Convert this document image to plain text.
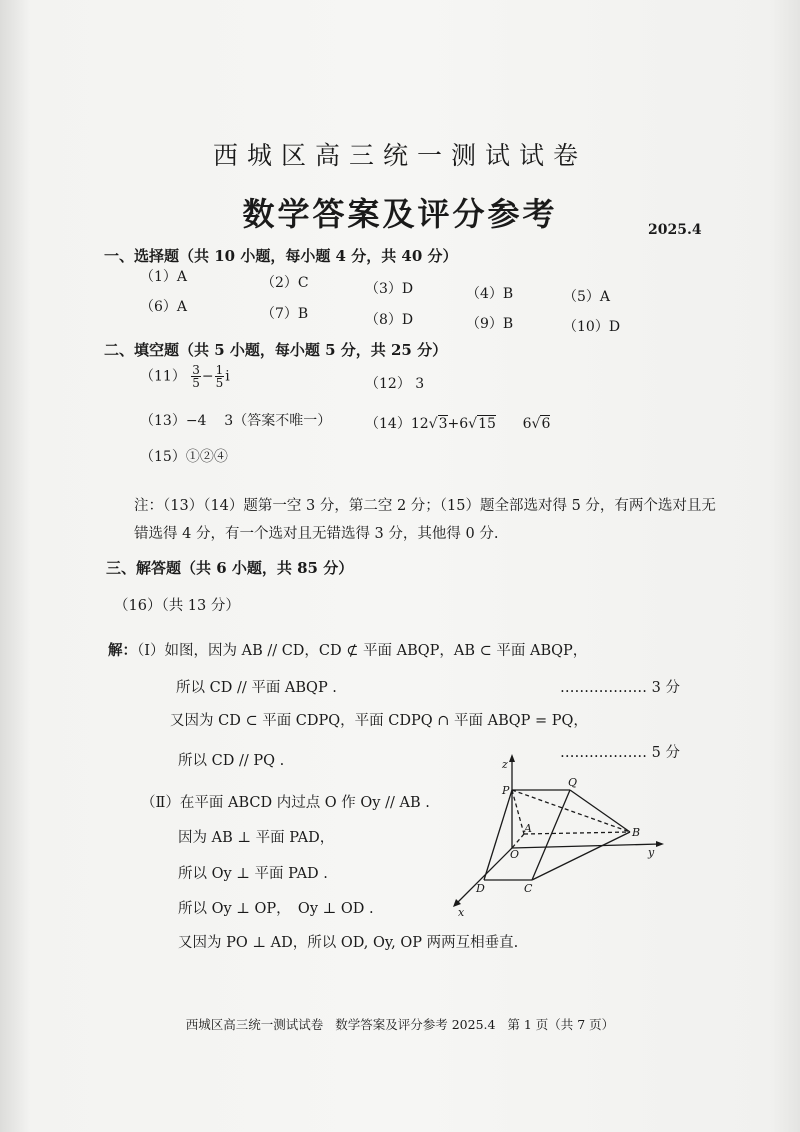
西城区高三统一测试试卷
数学答案及评分参考	2025.4
一、选择题（共 10 小题，每小题 4 分，共 40 分）
（1）A	（2）C	（3）D	（4）B	（5）A
（6）A	（7）B	（8）D	（9）B	（10）D
二、填空题（共 5 小题，每小题 5 分，共 25 分）
$(11) \frac{3}{5} - \frac{1}{5}$ i	（12） 3
（13）−4 3（答案不唯一） （14）12√3+6√15 6√6
（15）①②④
注：（13）（14）题第一空 3 分，第二空 2 分；（15）题全部选对得 5 分，有两个选对且无
错选得 4 分，有一个选对且无错选得 3 分，其他得 0 分.
三、解答题（共 6 小题，共 85 分）
（16）（共 13 分）
解：（Ⅰ）如图，因为 AB // CD，CD ⊄ 平面 ABQP，AB ⊂ 平面 ABQP，
所以 CD // 平面 ABQP .	……………… 3 分
又因为 CD ⊂ 平面 CDPQ，平面 CDPQ ∩ 平面 ABQP = PQ，
所以 CD // PQ .	……………… 5 分
（Ⅱ）在平面 ABCD 内过点 O 作 Oy // AB .
因为 AB ⊥ 平面 PAD，
所以 Oy ⊥ 平面 PAD .
所以 Oy ⊥ OP，　Oy ⊥ OD .
又因为 PO ⊥ AD，所以 OD, Oy, OP 两两互相垂直.
z
y
x
P
Q
A	B
O
C
D
西城区高三统一测试试卷 数学答案及评分参考 2025.4 第 1 页（共 7 页）
